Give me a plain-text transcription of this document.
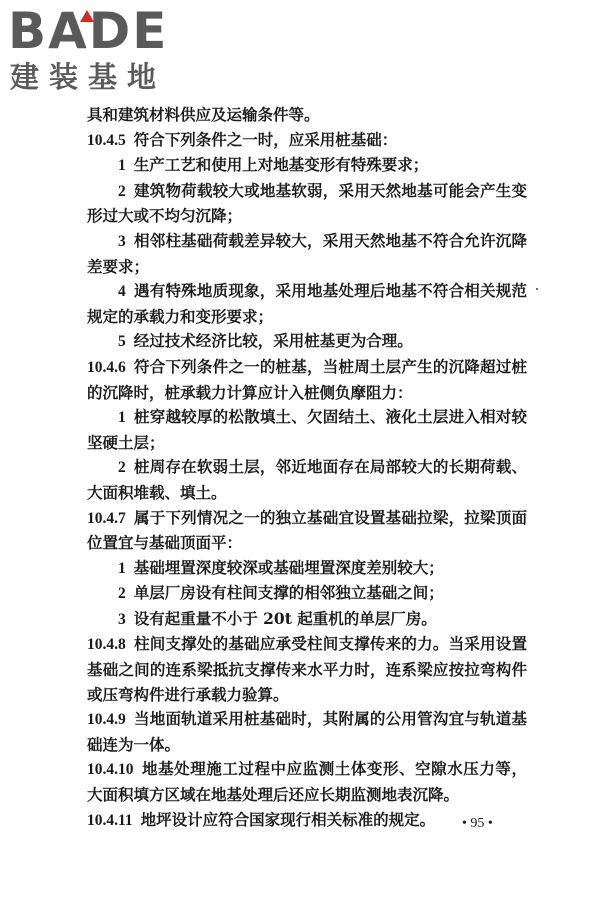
BADE
建装基地

具和建筑材料供应及运输条件等。

10.4.5 符合下列条件之一时，应采用桩基础：

1 生产工艺和使用上对地基变形有特殊要求；

2 建筑物荷载较大或地基软弱，采用天然地基可能会产生变形过大或不均匀沉降；

3 相邻柱基础荷载差异较大，采用天然地基不符合允许沉降差要求；

4 遇有特殊地质现象，采用地基处理后地基不符合相关规范规定的承载力和变形要求；

5 经过技术经济比较，采用桩基更为合理。

10.4.6 符合下列条件之一的桩基，当桩周土层产生的沉降超过桩的沉降时，桩承载力计算应计入桩侧负摩阻力：

1 桩穿越较厚的松散填土、欠固结土、液化土层进入相对较坚硬土层；

2 桩周存在软弱土层，邻近地面存在局部较大的长期荷载、大面积堆载、填土。

10.4.7 属于下列情况之一的独立基础宜设置基础拉梁，拉梁顶面位置宜与基础顶面平：

1 基础埋置深度较深或基础埋置深度差别较大；

2 单层厂房设有柱间支撑的相邻独立基础之间；

3 设有起重量不小于 20t 起重机的单层厂房。

10.4.8 柱间支撑处的基础应承受柱间支撑传来的力。当采用设置基础之间的连系梁抵抗支撑传来水平力时，连系梁应按拉弯构件或压弯构件进行承载力验算。

10.4.9 当地面轨道采用桩基础时，其附属的公用管沟宜与轨道基础连为一体。

10.4.10 地基处理施工过程中应监测土体变形、空隙水压力等，大面积填方区域在地基处理后还应长期监测地表沉降。

10.4.11 地坪设计应符合国家现行相关标准的规定。	• 95 •
